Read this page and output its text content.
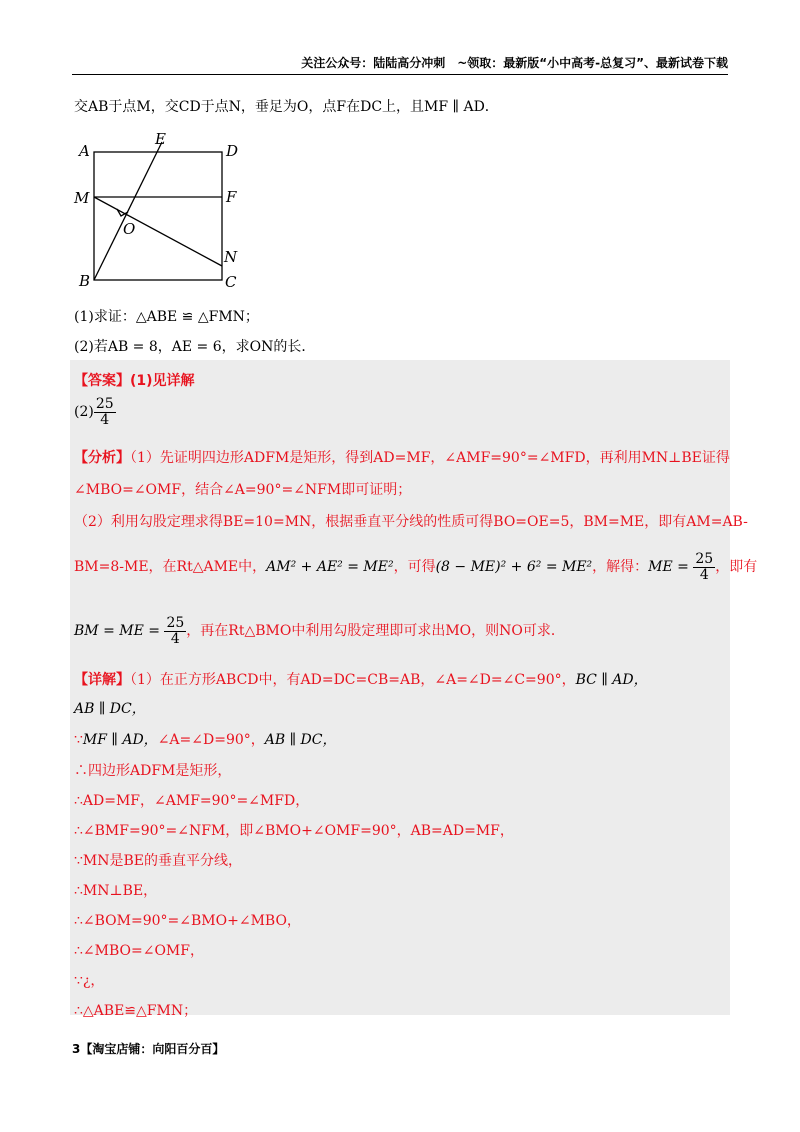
关注公众号：陆陆高分冲刺　~领取：最新版“小中高考-总复习”、最新试卷下载
交AB于点M，交CD于点N，垂足为O，点F在DC上，且MF ∥ AD．
A
E
D
M	F
O
N
B	C
(1)求证：△ABE ≌ △FMN；
(2)若AB = 8，AE = 6，求ON的长．
【答案】(1)见详解
$(2) \frac{25}{4}$
【分析】（1）先证明四边形ADFM是矩形，得到AD=MF，∠AMF=90°=∠MFD，再利用MN⊥BE证得
∠MBO=∠OMF，结合∠A=90°=∠NFM即可证明；
（2）利用勾股定理求得BE=10=MN，根据垂直平分线的性质可得BO=OE=5，BM=ME，即有AM=AB-
BM=8-ME，在Rt△AME中，AM² + AE² = ME²，可得(8 − ME)² + 6² = ME²，解得：ME = $\frac{25}{4}$ ，即有
BM = ME = $\frac{25}{4}$ ，再在Rt△BMO中利用勾股定理即可求出MO，则NO可求．
【详解】（1）在正方形ABCD中，有AD=DC=CB=AB，∠A=∠D=∠C=90°，BC ∥ AD，
AB ∥ DC，
∵MF ∥ AD，∠A=∠D=90°，AB ∥ DC，
∴四边形ADFM是矩形，
∴AD=MF，∠AMF=90°=∠MFD，
∴∠BMF=90°=∠NFM，即∠BMO+∠OMF=90°，AB=AD=MF，
∵MN是BE的垂直平分线，
∴MN⊥BE，
∴∠BOM=90°=∠BMO+∠MBO，
∴∠MBO=∠OMF，
∵¿，
∴△ABE≌△FMN；
3【淘宝店铺：向阳百分百】
